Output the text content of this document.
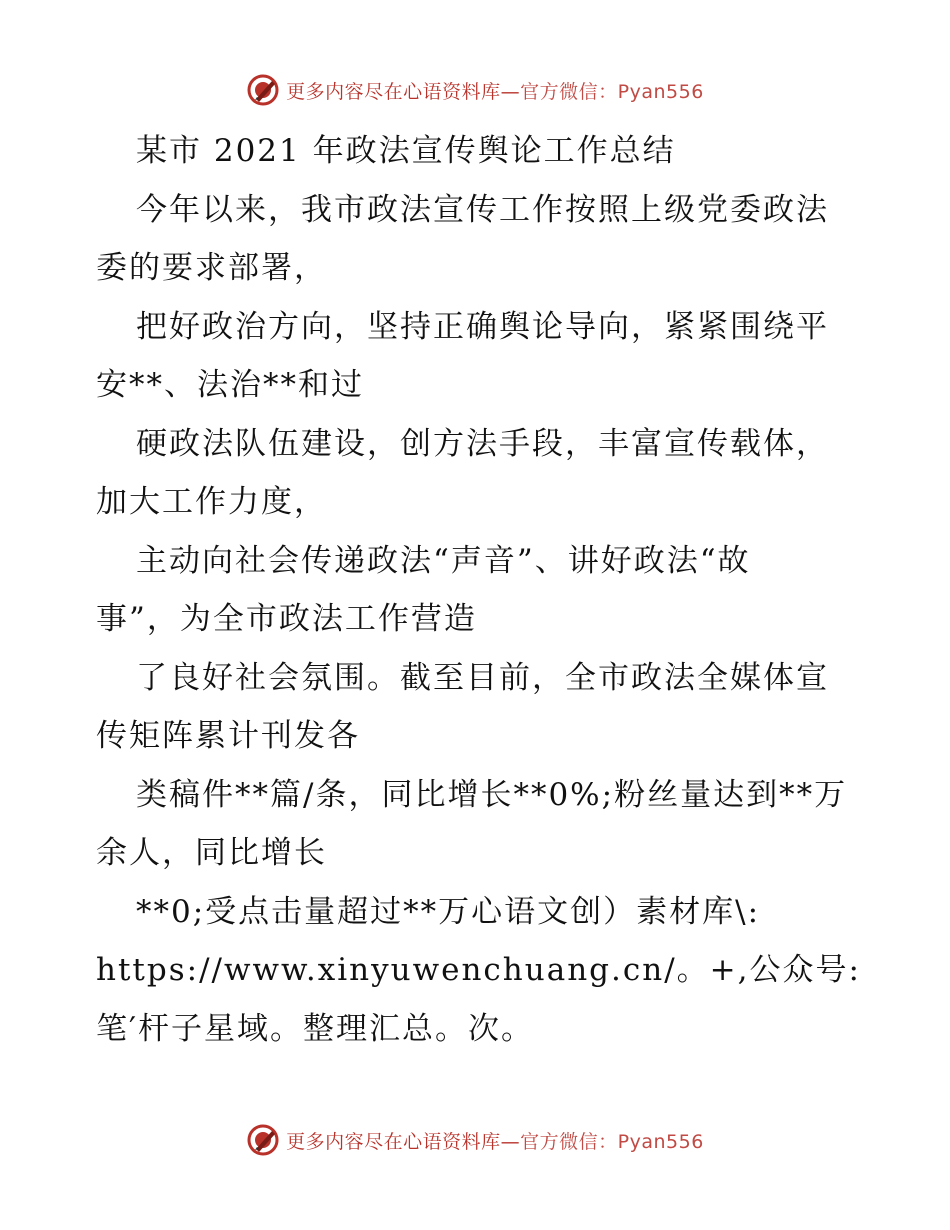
更多内容尽在心语资料库—官方微信：Pyan556
某市 2021 年政法宣传舆论工作总结
今年以来，我市政法宣传工作按照上级党委政法
委的要求部署，
把好政治方向，坚持正确舆论导向，紧紧围绕平
安**、法治**和过
硬政法队伍建设，创方法手段，丰富宣传载体，
加大工作力度，
主动向社会传递政法“声音”、讲好政法“故
事”，为全市政法工作营造
了良好社会氛围。截至目前，全市政法全媒体宣
传矩阵累计刊发各
类稿件**篇/条，同比增长**0%;粉丝量达到**万
余人，同比增长
**0;受点击量超过**万心语文创）素材库\:
https://www.xinyuwenchuang.cn/。+,公众号:
笔′杆子星域。整理汇总。次。
更多内容尽在心语资料库—官方微信：Pyan556
